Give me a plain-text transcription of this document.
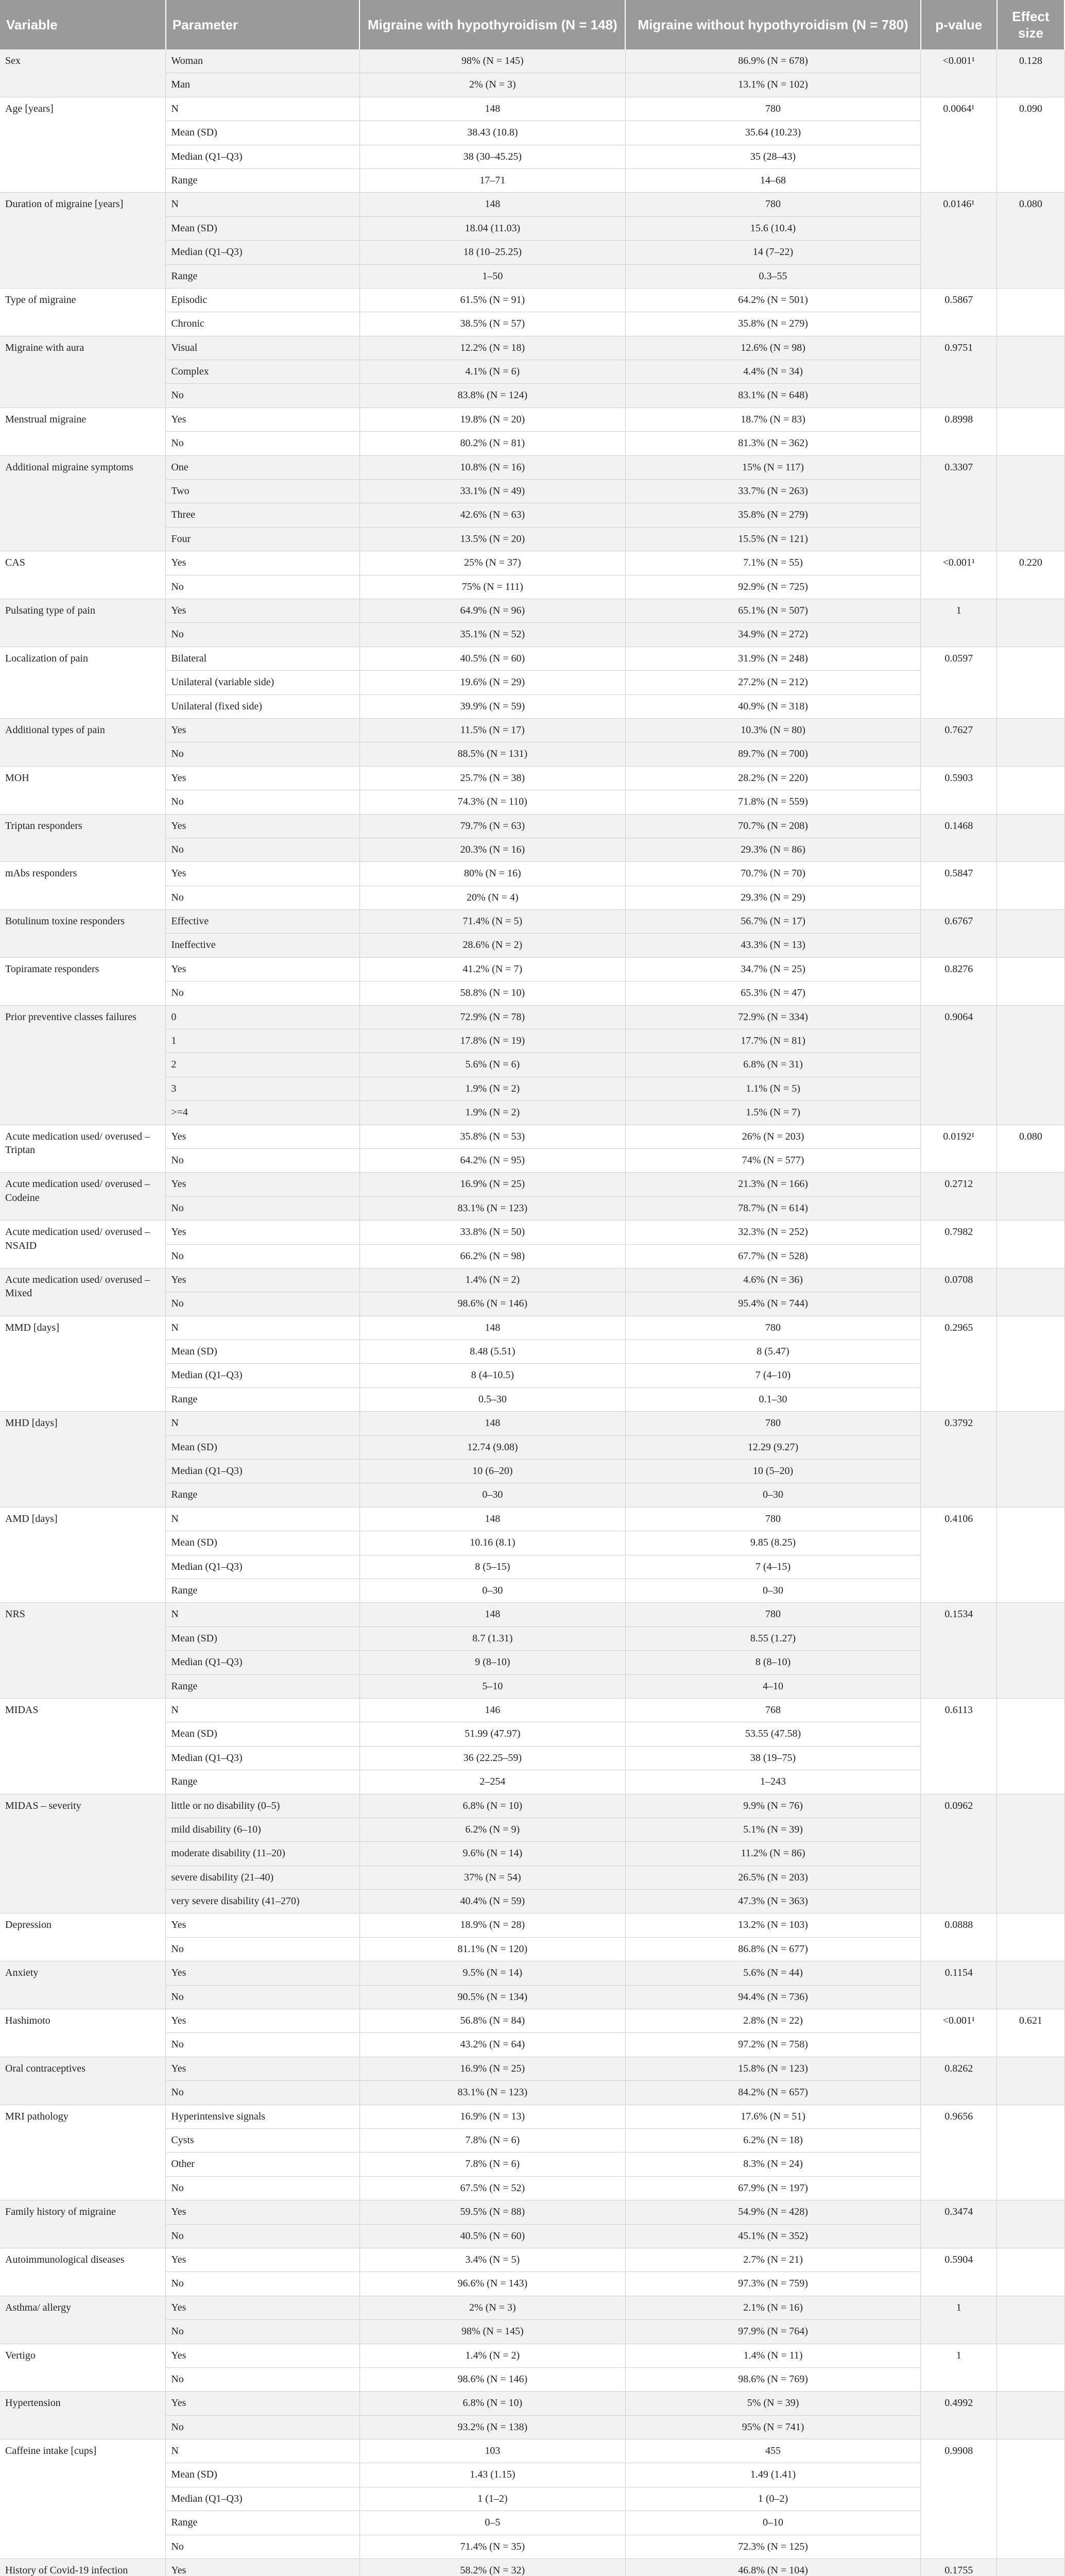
Variable	Parameter	Migraine with hypothyroidism (N = 148)	Migraine without hypothyroidism (N = 780)	p-value	Effect size
Sex	Woman	98% (N = 145)	86.9% (N = 678)	<0.001¹	0.128
	Man	2% (N = 3)	13.1% (N = 102)		
Age [years]	N	148	780	0.0064¹	0.090
	Mean (SD)	38.43 (10.8)	35.64 (10.23)		
	Median (Q1–Q3)	38 (30–45.25)	35 (28–43)		
	Range	17–71	14–68		
Duration of migraine [years]	N	148	780	0.0146¹	0.080
	Mean (SD)	18.04 (11.03)	15.6 (10.4)		
	Median (Q1–Q3)	18 (10–25.25)	14 (7–22)		
	Range	1–50	0.3–55		
Type of migraine	Episodic	61.5% (N = 91)	64.2% (N = 501)	0.5867	
	Chronic	38.5% (N = 57)	35.8% (N = 279)		
Migraine with aura	Visual	12.2% (N = 18)	12.6% (N = 98)	0.9751	
	Complex	4.1% (N = 6)	4.4% (N = 34)		
	No	83.8% (N = 124)	83.1% (N = 648)		
Menstrual migraine	Yes	19.8% (N = 20)	18.7% (N = 83)	0.8998	
	No	80.2% (N = 81)	81.3% (N = 362)		
Additional migraine symptoms	One	10.8% (N = 16)	15% (N = 117)	0.3307	
	Two	33.1% (N = 49)	33.7% (N = 263)		
	Three	42.6% (N = 63)	35.8% (N = 279)		
	Four	13.5% (N = 20)	15.5% (N = 121)		
CAS	Yes	25% (N = 37)	7.1% (N = 55)	<0.001¹	0.220
	No	75% (N = 111)	92.9% (N = 725)		
Pulsating type of pain	Yes	64.9% (N = 96)	65.1% (N = 507)	1	
	No	35.1% (N = 52)	34.9% (N = 272)		
Localization of pain	Bilateral	40.5% (N = 60)	31.9% (N = 248)	0.0597	
	Unilateral (variable side)	19.6% (N = 29)	27.2% (N = 212)		
	Unilateral (fixed side)	39.9% (N = 59)	40.9% (N = 318)		
Additional types of pain	Yes	11.5% (N = 17)	10.3% (N = 80)	0.7627	
	No	88.5% (N = 131)	89.7% (N = 700)		
MOH	Yes	25.7% (N = 38)	28.2% (N = 220)	0.5903	
	No	74.3% (N = 110)	71.8% (N = 559)		
Triptan responders	Yes	79.7% (N = 63)	70.7% (N = 208)	0.1468	
	No	20.3% (N = 16)	29.3% (N = 86)		
mAbs responders	Yes	80% (N = 16)	70.7% (N = 70)	0.5847	
	No	20% (N = 4)	29.3% (N = 29)		
Botulinum toxine responders	Effective	71.4% (N = 5)	56.7% (N = 17)	0.6767	
	Ineffective	28.6% (N = 2)	43.3% (N = 13)		
Topiramate responders	Yes	41.2% (N = 7)	34.7% (N = 25)	0.8276	
	No	58.8% (N = 10)	65.3% (N = 47)		
Prior preventive classes failures	0	72.9% (N = 78)	72.9% (N = 334)	0.9064	
	1	17.8% (N = 19)	17.7% (N = 81)		
	2	5.6% (N = 6)	6.8% (N = 31)		
	3	1.9% (N = 2)	1.1% (N = 5)		
	>=4	1.9% (N = 2)	1.5% (N = 7)		
Acute medication used/ overused – Triptan	Yes	35.8% (N = 53)	26% (N = 203)	0.0192¹	0.080
	No	64.2% (N = 95)	74% (N = 577)		
Acute medication used/ overused – Codeine	Yes	16.9% (N = 25)	21.3% (N = 166)	0.2712	
	No	83.1% (N = 123)	78.7% (N = 614)		
Acute medication used/ overused – NSAID	Yes	33.8% (N = 50)	32.3% (N = 252)	0.7982	
	No	66.2% (N = 98)	67.7% (N = 528)		
Acute medication used/ overused – Mixed	Yes	1.4% (N = 2)	4.6% (N = 36)	0.0708	
	No	98.6% (N = 146)	95.4% (N = 744)		
MMD [days]	N	148	780	0.2965	
	Mean (SD)	8.48 (5.51)	8 (5.47)		
	Median (Q1–Q3)	8 (4–10.5)	7 (4–10)		
	Range	0.5–30	0.1–30		
MHD [days]	N	148	780	0.3792	
	Mean (SD)	12.74 (9.08)	12.29 (9.27)		
	Median (Q1–Q3)	10 (6–20)	10 (5–20)		
	Range	0–30	0–30		
AMD [days]	N	148	780	0.4106	
	Mean (SD)	10.16 (8.1)	9.85 (8.25)		
	Median (Q1–Q3)	8 (5–15)	7 (4–15)		
	Range	0–30	0–30		
NRS	N	148	780	0.1534	
	Mean (SD)	8.7 (1.31)	8.55 (1.27)		
	Median (Q1–Q3)	9 (8–10)	8 (8–10)		
	Range	5–10	4–10		
MIDAS	N	146	768	0.6113	
	Mean (SD)	51.99 (47.97)	53.55 (47.58)		
	Median (Q1–Q3)	36 (22.25–59)	38 (19–75)		
	Range	2–254	1–243		
MIDAS – severity	little or no disability (0–5)	6.8% (N = 10)	9.9% (N = 76)	0.0962	
	mild disability (6–10)	6.2% (N = 9)	5.1% (N = 39)		
	moderate disability (11–20)	9.6% (N = 14)	11.2% (N = 86)		
	severe disability (21–40)	37% (N = 54)	26.5% (N = 203)		
	very severe disability (41–270)	40.4% (N = 59)	47.3% (N = 363)		
Depression	Yes	18.9% (N = 28)	13.2% (N = 103)	0.0888	
	No	81.1% (N = 120)	86.8% (N = 677)		
Anxiety	Yes	9.5% (N = 14)	5.6% (N = 44)	0.1154	
	No	90.5% (N = 134)	94.4% (N = 736)		
Hashimoto	Yes	56.8% (N = 84)	2.8% (N = 22)	<0.001¹	0.621
	No	43.2% (N = 64)	97.2% (N = 758)		
Oral contraceptives	Yes	16.9% (N = 25)	15.8% (N = 123)	0.8262	
	No	83.1% (N = 123)	84.2% (N = 657)		
MRI pathology	Hyperintensive signals	16.9% (N = 13)	17.6% (N = 51)	0.9656	
	Cysts	7.8% (N = 6)	6.2% (N = 18)		
	Other	7.8% (N = 6)	8.3% (N = 24)		
	No	67.5% (N = 52)	67.9% (N = 197)		
Family history of migraine	Yes	59.5% (N = 88)	54.9% (N = 428)	0.3474	
	No	40.5% (N = 60)	45.1% (N = 352)		
Autoimmunological diseases	Yes	3.4% (N = 5)	2.7% (N = 21)	0.5904	
	No	96.6% (N = 143)	97.3% (N = 759)		
Asthma/ allergy	Yes	2% (N = 3)	2.1% (N = 16)	1	
	No	98% (N = 145)	97.9% (N = 764)		
Vertigo	Yes	1.4% (N = 2)	1.4% (N = 11)	1	
	No	98.6% (N = 146)	98.6% (N = 769)		
Hypertension	Yes	6.8% (N = 10)	5% (N = 39)	0.4992	
	No	93.2% (N = 138)	95% (N = 741)		
Caffeine intake [cups]	N	103	455	0.9908	
	Mean (SD)	1.43 (1.15)	1.49 (1.41)		
	Median (Q1–Q3)	1 (1–2)	1 (0–2)		
	Range	0–5	0–10		
	No	71.4% (N = 35)	72.3% (N = 125)		
History of Covid-19 infection	Yes	58.2% (N = 32)	46.8% (N = 104)	0.1755	
